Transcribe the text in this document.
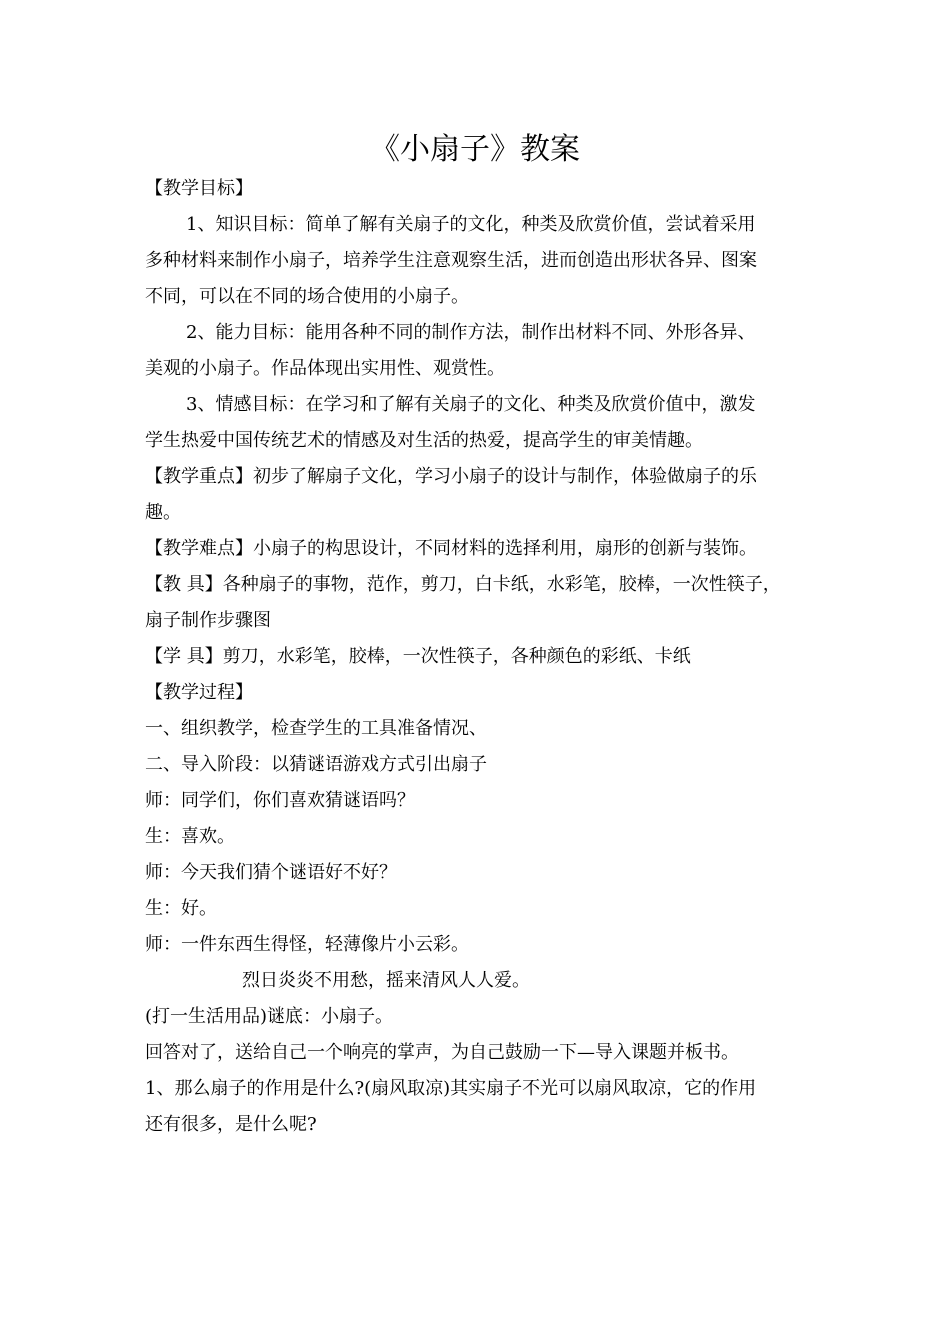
《小扇子》教案
【教学目标】
1、知识目标：简单了解有关扇子的文化，种类及欣赏价值，尝试着采用
多种材料来制作小扇子，培养学生注意观察生活，进而创造出形状各异、图案
不同，可以在不同的场合使用的小扇子。
2、能力目标：能用各种不同的制作方法，制作出材料不同、外形各异、
美观的小扇子。作品体现出实用性、观赏性。
3、情感目标：在学习和了解有关扇子的文化、种类及欣赏价值中，激发
学生热爱中国传统艺术的情感及对生活的热爱，提高学生的审美情趣。
【教学重点】初步了解扇子文化，学习小扇子的设计与制作，体验做扇子的乐
趣。
【教学难点】小扇子的构思设计，不同材料的选择利用，扇形的创新与装饰。
【教 具】各种扇子的事物，范作，剪刀，白卡纸，水彩笔，胶棒，一次性筷子，
扇子制作步骤图
【学 具】剪刀，水彩笔，胶棒，一次性筷子，各种颜色的彩纸、卡纸
【教学过程】
一、组织教学，检查学生的工具准备情况、
二、导入阶段：以猜谜语游戏方式引出扇子
师：同学们，你们喜欢猜谜语吗？
生：喜欢。
师：今天我们猜个谜语好不好？
生：好。
师：一件东西生得怪，轻薄像片小云彩。
烈日炎炎不用愁，摇来清风人人爱。
(打一生活用品)谜底：小扇子。
回答对了，送给自己一个响亮的掌声，为自己鼓励一下—导入课题并板书。
1、那么扇子的作用是什么?(扇风取凉)其实扇子不光可以扇风取凉，它的作用
还有很多，是什么呢?
